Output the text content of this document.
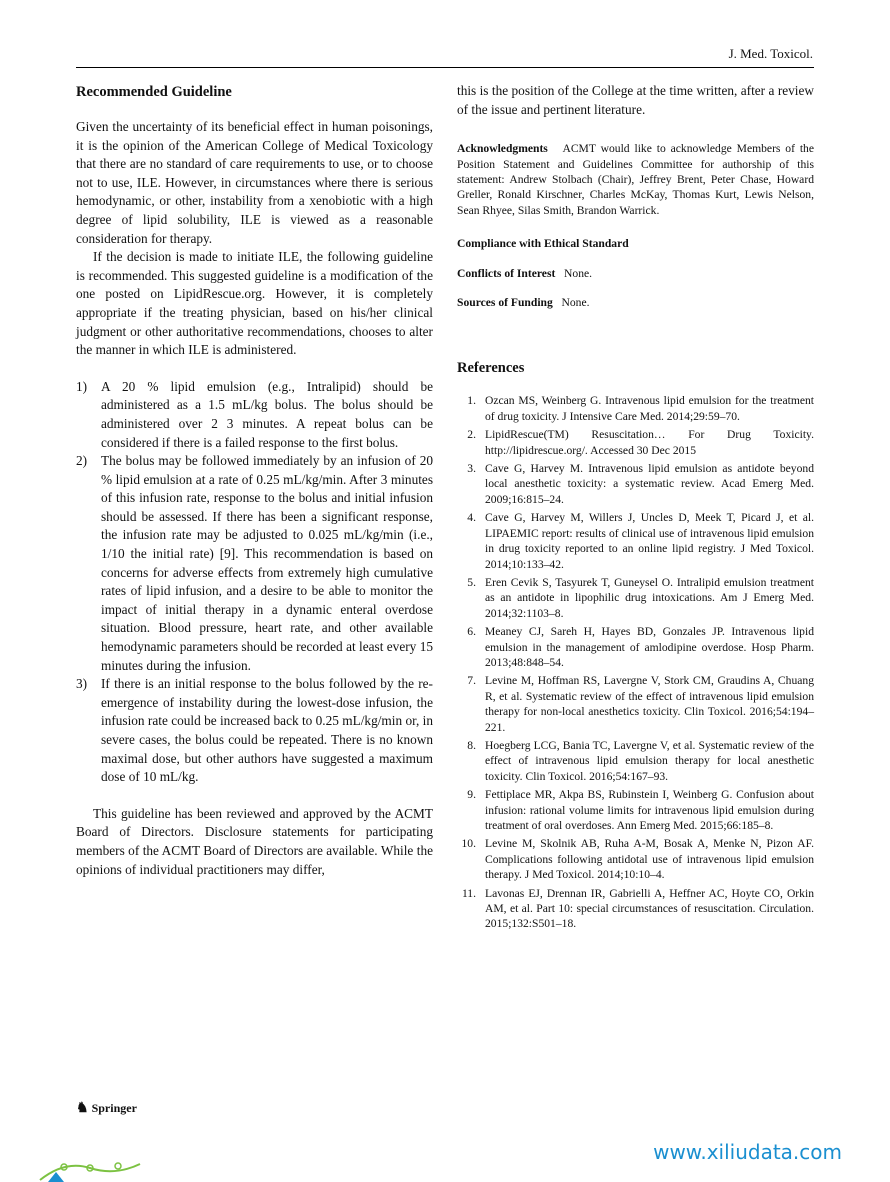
J. Med. Toxicol.
Recommended Guideline

Given the uncertainty of its beneficial effect in human poisonings, it is the opinion of the American College of Medical Toxicology that there are no standard of care requirements to use, or to choose not to use, ILE. However, in circumstances where there is serious hemodynamic, or other, instability from a xenobiotic with a high degree of lipid solubility, ILE is viewed as a reasonable consideration for therapy.

If the decision is made to initiate ILE, the following guideline is recommended. This suggested guideline is a modification of the one posted on LipidRescue.org. However, it is completely appropriate if the treating physician, based on his/her clinical judgment or other authoritative recommendations, chooses to alter the manner in which ILE is administered.

1)	A 20 % lipid emulsion (e.g., Intralipid) should be administered as a 1.5 mL/kg bolus. The bolus should be administered over 2 3 minutes. A repeat bolus can be considered if there is a failed response to the first bolus.
2)	The bolus may be followed immediately by an infusion of 20 % lipid emulsion at a rate of 0.25 mL/kg/min. After 3 minutes of this infusion rate, response to the bolus and initial infusion should be assessed. If there has been a significant response, the infusion rate may be adjusted to 0.025 mL/kg/min (i.e., 1/10 the initial rate) [9]. This recommendation is based on concerns for adverse effects from extremely high cumulative rates of lipid infusion, and a desire to be able to monitor the impact of initial therapy in a dynamic enteral overdose situation. Blood pressure, heart rate, and other available hemodynamic parameters should be recorded at least every 15 minutes during the infusion.
3)	If there is an initial response to the bolus followed by the re-emergence of instability during the lowest-dose infusion, the infusion rate could be increased back to 0.25 mL/kg/min or, in severe cases, the bolus could be repeated. There is no known maximal dose, but other authors have suggested a maximum dose of 10 mL/kg.

This guideline has been reviewed and approved by the ACMT Board of Directors. Disclosure statements for participating members of the ACMT Board of Directors are available. While the opinions of individual practitioners may differ,

this is the position of the College at the time written, after a review of the issue and pertinent literature.

Acknowledgments ACMT would like to acknowledge Members of the Position Statement and Guidelines Committee for authorship of this statement: Andrew Stolbach (Chair), Jeffrey Brent, Peter Chase, Howard Greller, Ronald Kirschner, Charles McKay, Thomas Kurt, Lewis Nelson, Sean Rhyee, Silas Smith, Brandon Warrick.

Compliance with Ethical Standard

Conflicts of Interest None.

Sources of Funding None.

References
1. Ozcan MS, Weinberg G. Intravenous lipid emulsion for the treatment of drug toxicity. J Intensive Care Med. 2014;29:59–70.
2. LipidRescue(TM) Resuscitation… For Drug Toxicity. http://lipidrescue.org/. Accessed 30 Dec 2015
3. Cave G, Harvey M. Intravenous lipid emulsion as antidote beyond local anesthetic toxicity: a systematic review. Acad Emerg Med. 2009;16:815–24.
4. Cave G, Harvey M, Willers J, Uncles D, Meek T, Picard J, et al. LIPAEMIC report: results of clinical use of intravenous lipid emulsion in drug toxicity reported to an online lipid registry. J Med Toxicol. 2014;10:133–42.
5. Eren Cevik S, Tasyurek T, Guneysel O. Intralipid emulsion treatment as an antidote in lipophilic drug intoxications. Am J Emerg Med. 2014;32:1103–8.
6. Meaney CJ, Sareh H, Hayes BD, Gonzales JP. Intravenous lipid emulsion in the management of amlodipine overdose. Hosp Pharm. 2013;48:848–54.
7. Levine M, Hoffman RS, Lavergne V, Stork CM, Graudins A, Chuang R, et al. Systematic review of the effect of intravenous lipid emulsion therapy for non-local anesthetics toxicity. Clin Toxicol. 2016;54:194–221.
8. Hoegberg LCG, Bania TC, Lavergne V, et al. Systematic review of the effect of intravenous lipid emulsion therapy for local anesthetic toxicity. Clin Toxicol. 2016;54:167–93.
9. Fettiplace MR, Akpa BS, Rubinstein I, Weinberg G. Confusion about infusion: rational volume limits for intravenous lipid emulsion during treatment of oral overdoses. Ann Emerg Med. 2015;66:185–8.
10. Levine M, Skolnik AB, Ruha A-M, Bosak A, Menke N, Pizon AF. Complications following antidotal use of intravenous lipid emulsion therapy. J Med Toxicol. 2014;10:10–4.
11. Lavonas EJ, Drennan IR, Gabrielli A, Heffner AC, Hoyte CO, Orkin AM, et al. Part 10: special circumstances of resuscitation. Circulation. 2015;132:S501–18.
♞ Springer
www.xiliudata.com
